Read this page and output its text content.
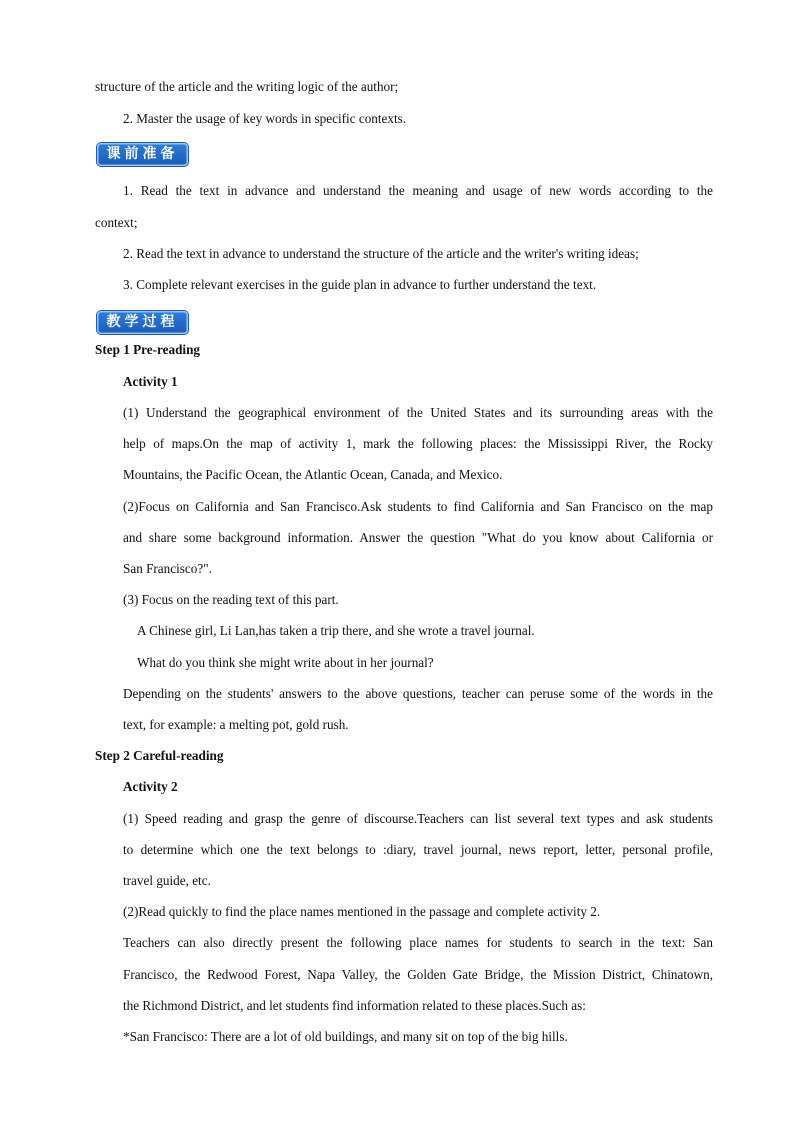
structure of the article and the writing logic of the author;
2. Master the usage of key words in specific contexts.
课前准备
1. Read the text in advance and understand the meaning and usage of new words according to the
context;
2. Read the text in advance to understand the structure of the article and the writer's writing ideas;
3. Complete relevant exercises in the guide plan in advance to further understand the text.
教学过程
Step 1 Pre-reading
Activity 1
(1) Understand the geographical environment of the United States and its surrounding areas with the
help of maps.On the map of activity 1, mark the following places: the Mississippi River, the Rocky
Mountains, the Pacific Ocean, the Atlantic Ocean, Canada, and Mexico.
(2)Focus on California and San Francisco.Ask students to find California and San Francisco on the map
and share some background information. Answer the question "What do you know about California or
San Francisco?".
(3) Focus on the reading text of this part.
A Chinese girl, Li Lan,has taken a trip there, and she wrote a travel journal.
What do you think she might write about in her journal?
Depending on the students' answers to the above questions, teacher can peruse some of the words in the
text, for example: a melting pot, gold rush.
Step 2 Careful-reading
Activity 2
(1) Speed reading and grasp the genre of discourse.Teachers can list several text types and ask students
to determine which one the text belongs to :diary, travel journal, news report, letter, personal profile,
travel guide, etc.
(2)Read quickly to find the place names mentioned in the passage and complete activity 2.
Teachers can also directly present the following place names for students to search in the text: San
Francisco, the Redwood Forest, Napa Valley, the Golden Gate Bridge, the Mission District, Chinatown,
the Richmond District, and let students find information related to these places.Such as:
*San Francisco: There are a lot of old buildings, and many sit on top of the big hills.
